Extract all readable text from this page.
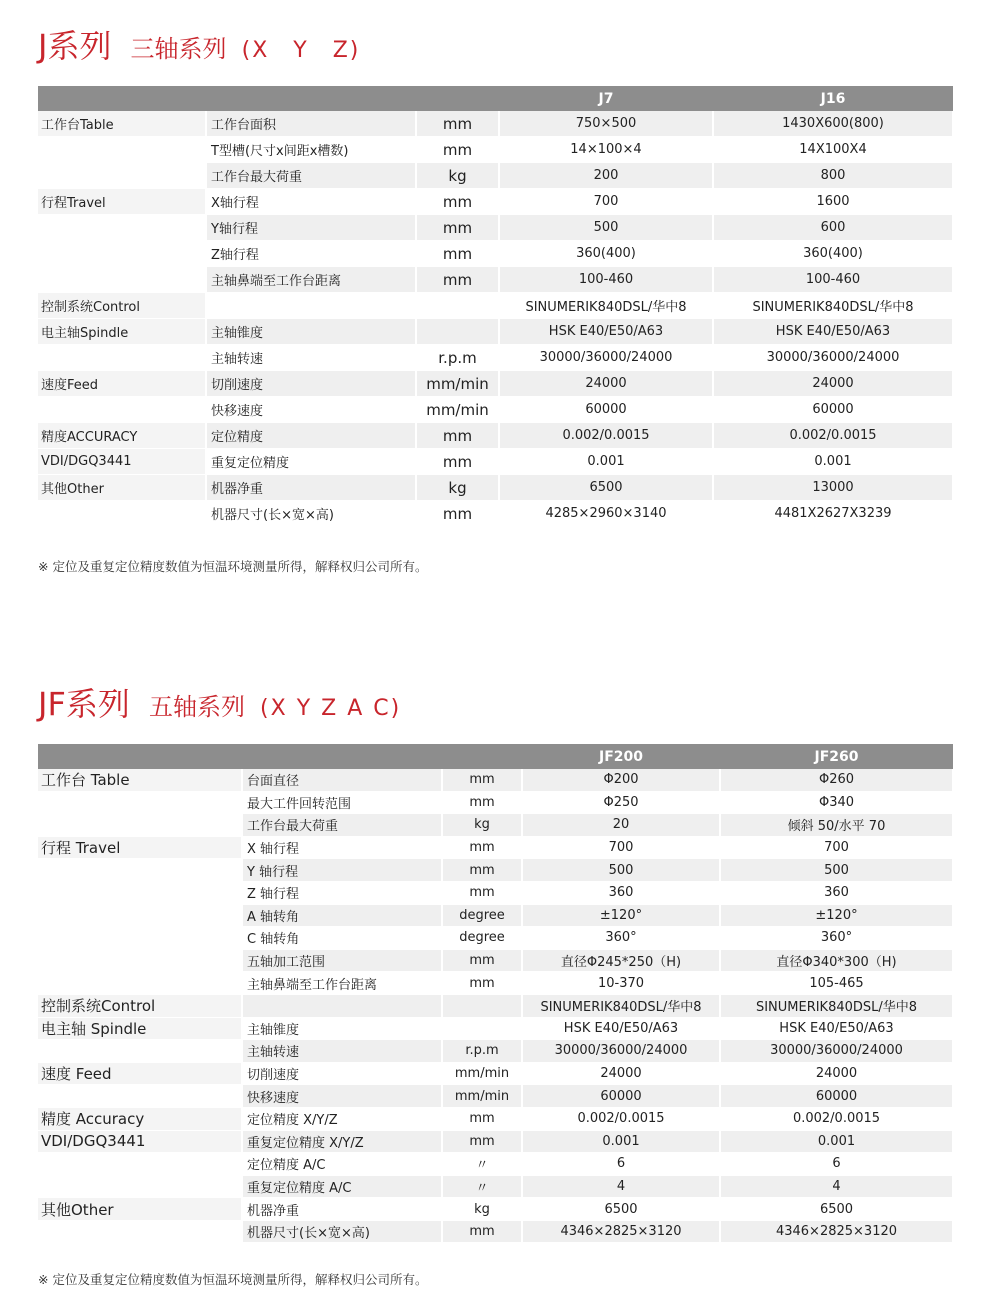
J系列 三轴系列 (X　Y　Z)
			J7	J16
工作台Table	工作台面积	mm	750×500	1430X600(800)
	T型槽(尺寸x间距x槽数)	mm	14×100×4	14X100X4
	工作台最大荷重	kg	200	800
行程Travel	X轴行程	mm	700	1600
	Y轴行程	mm	500	600
	Z轴行程	mm	360(400)	360(400)
	主轴鼻端至工作台距离	mm	100-460	100-460
控制系统Control			SINUMERIK840DSL/华中8	SINUMERIK840DSL/华中8
电主轴Spindle	主轴锥度		HSK E40/E50/A63	HSK E40/E50/A63
	主轴转速	r.p.m	30000/36000/24000	30000/36000/24000
速度Feed	切削速度	mm/min	24000	24000
	快移速度	mm/min	60000	60000
精度ACCURACY	定位精度	mm	0.002/0.0015	0.002/0.0015
VDI/DGQ3441	重复定位精度	mm	0.001	0.001
其他Other	机器净重	kg	6500	13000
	机器尺寸(长×宽×高)	mm	4285×2960×3140	4481X2627X3239
※ 定位及重复定位精度数值为恒温环境测量所得，解释权归公司所有。
JF系列 五轴系列 (X Y Z A C)
			JF200	JF260
工作台 Table	台面直径	mm	Φ200	Φ260
	最大工件回转范围	mm	Φ250	Φ340
	工作台最大荷重	kg	20	倾斜 50/水平 70
行程 Travel	X 轴行程	mm	700	700
	Y 轴行程	mm	500	500
	Z 轴行程	mm	360	360
	A 轴转角	degree	±120°	±120°
	C 轴转角	degree	360°	360°
	五轴加工范围	mm	直径Φ245*250（H)	直径Φ340*300（H)
	主轴鼻端至工作台距离	mm	10-370	105-465
控制系统Control			SINUMERIK840DSL/华中8	SINUMERIK840DSL/华中8
电主轴 Spindle	主轴锥度		HSK E40/E50/A63	HSK E40/E50/A63
	主轴转速	r.p.m	30000/36000/24000	30000/36000/24000
速度 Feed	切削速度	mm/min	24000	24000
	快移速度	mm/min	60000	60000
精度 Accuracy	定位精度 X/Y/Z	mm	0.002/0.0015	0.002/0.0015
VDI/DGQ3441	重复定位精度 X/Y/Z	mm	0.001	0.001
	定位精度 A/C	〃	6	6
	重复定位精度 A/C	〃	4	4
其他Other	机器净重	kg	6500	6500
	机器尺寸(长×宽×高)	mm	4346×2825×3120	4346×2825×3120
※ 定位及重复定位精度数值为恒温环境测量所得，解释权归公司所有。
